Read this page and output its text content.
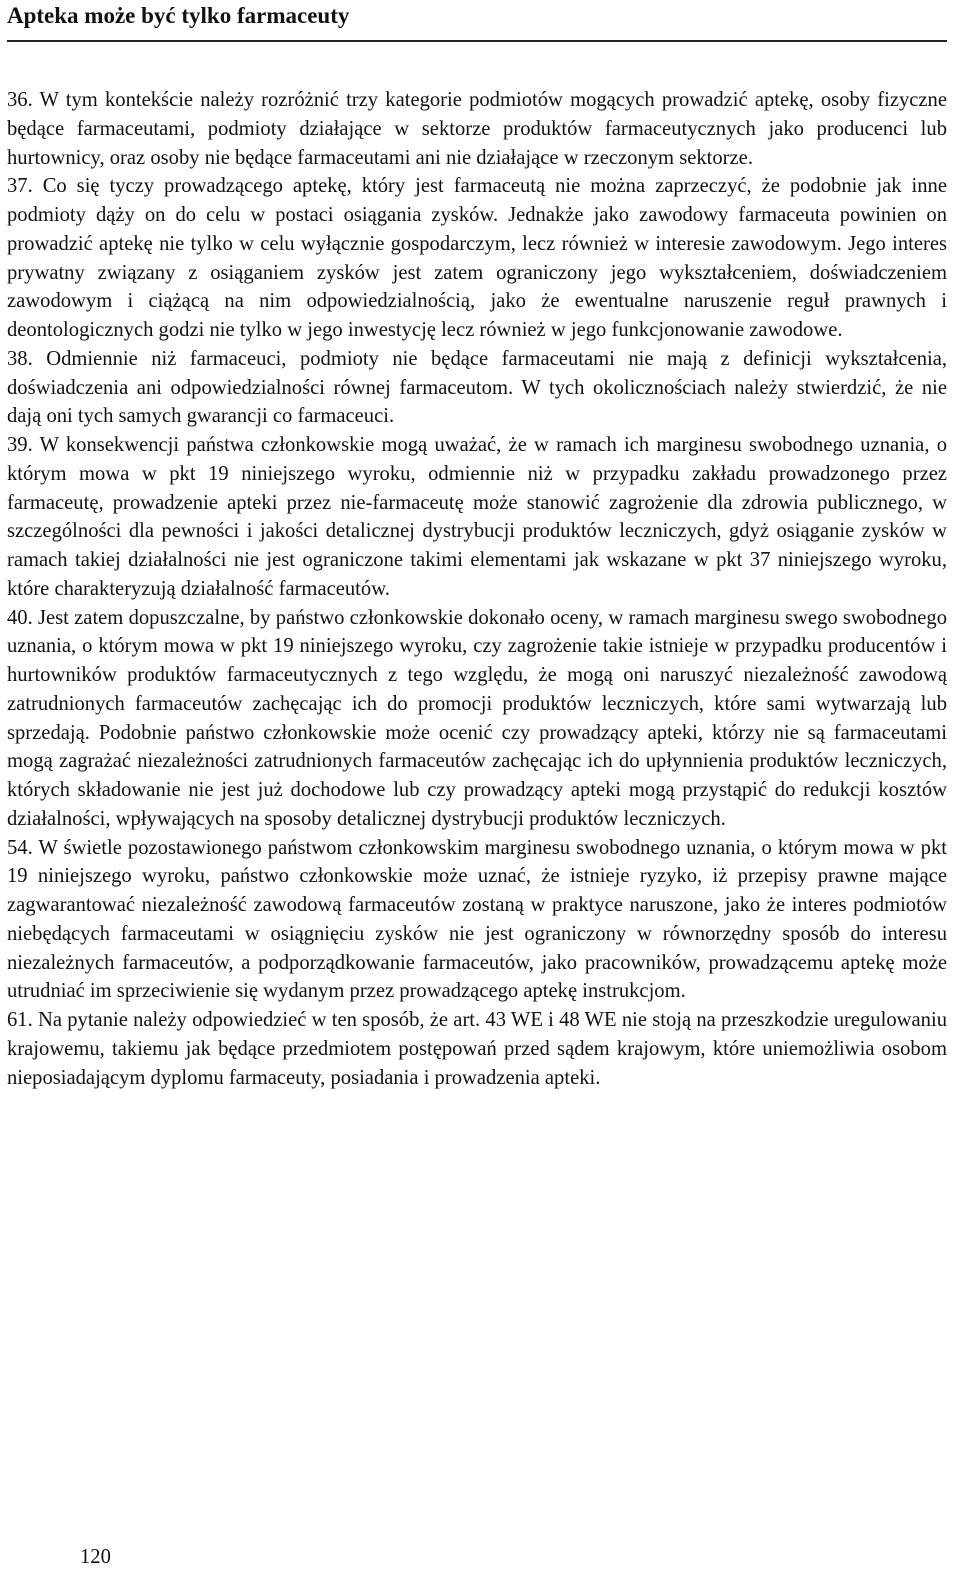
Apteka może być tylko farmaceuty

36. W tym kontekście należy rozróżnić trzy kategorie podmiotów mogących prowadzić aptekę, osoby fizyczne będące farmaceutami, podmioty działające w sektorze produktów farmaceutycznych jako producenci lub hurtownicy, oraz osoby nie będące farmaceutami ani nie działające w rzeczonym sektorze.

37. Co się tyczy prowadzącego aptekę, który jest farmaceutą nie można zaprzeczyć, że podobnie jak inne podmioty dąży on do celu w postaci osiągania zysków. Jednakże jako zawodowy farmaceuta powinien on prowadzić aptekę nie tylko w celu wyłącznie gospodarczym, lecz również w interesie zawodowym. Jego interes prywatny związany z osiąganiem zysków jest zatem ograniczony jego wykształceniem, doświadczeniem zawodowym i ciążącą na nim odpowiedzialnością, jako że ewentualne naruszenie reguł prawnych i deontologicznych godzi nie tylko w jego inwestycję lecz również w jego funkcjonowanie zawodowe.

38. Odmiennie niż farmaceuci, podmioty nie będące farmaceutami nie mają z definicji wykształcenia, doświadczenia ani odpowiedzialności równej farmaceutom. W tych okolicznościach należy stwierdzić, że nie dają oni tych samych gwarancji co farmaceuci.

39. W konsekwencji państwa członkowskie mogą uważać, że w ramach ich marginesu swobodnego uznania, o którym mowa w pkt 19 niniejszego wyroku, odmiennie niż w przypadku zakładu prowadzonego przez farmaceutę, prowadzenie apteki przez nie-farmaceutę może stanowić zagrożenie dla zdrowia publicznego, w szczególności dla pewności i jakości detalicznej dystrybucji produktów leczniczych, gdyż osiąganie zysków w ramach takiej działalności nie jest ograniczone takimi elementami jak wskazane w pkt 37 niniejszego wyroku, które charakteryzują działalność farmaceutów.

40. Jest zatem dopuszczalne, by państwo członkowskie dokonało oceny, w ramach marginesu swego swobodnego uznania, o którym mowa w pkt 19 niniejszego wyroku, czy zagrożenie takie istnieje w przypadku producentów i hurtowników produktów farmaceutycznych z tego względu, że mogą oni naruszyć niezależność zawodową zatrudnionych farmaceutów zachęcając ich do promocji produktów leczniczych, które sami wytwarzają lub sprzedają. Podobnie państwo członkowskie może ocenić czy prowadzący apteki, którzy nie są farmaceutami mogą zagrażać niezależności zatrudnionych farmaceutów zachęcając ich do upłynnienia produktów leczniczych, których składowanie nie jest już dochodowe lub czy prowadzący apteki mogą przystąpić do redukcji kosztów działalności, wpływających na sposoby detalicznej dystrybucji produktów leczniczych.

54. W świetle pozostawionego państwom członkowskim marginesu swobodnego uznania, o którym mowa w pkt 19 niniejszego wyroku, państwo członkowskie może uznać, że istnieje ryzyko, iż przepisy prawne mające zagwarantować niezależność zawodową farmaceutów zostaną w praktyce naruszone, jako że interes podmiotów niebędących farmaceutami w osiągnięciu zysków nie jest ograniczony w równorzędny sposób do interesu niezależnych farmaceutów, a podporządkowanie farmaceutów, jako pracowników, prowadzącemu aptekę może utrudniać im sprzeciwienie się wydanym przez prowadzącego aptekę instrukcjom.

61. Na pytanie należy odpowiedzieć w ten sposób, że art. 43 WE i 48 WE nie stoją na przeszkodzie uregulowaniu krajowemu, takiemu jak będące przedmiotem postępowań przed sądem krajowym, które uniemożliwia osobom nieposiadającym dyplomu farmaceuty, posiadania i prowadzenia apteki.

120
